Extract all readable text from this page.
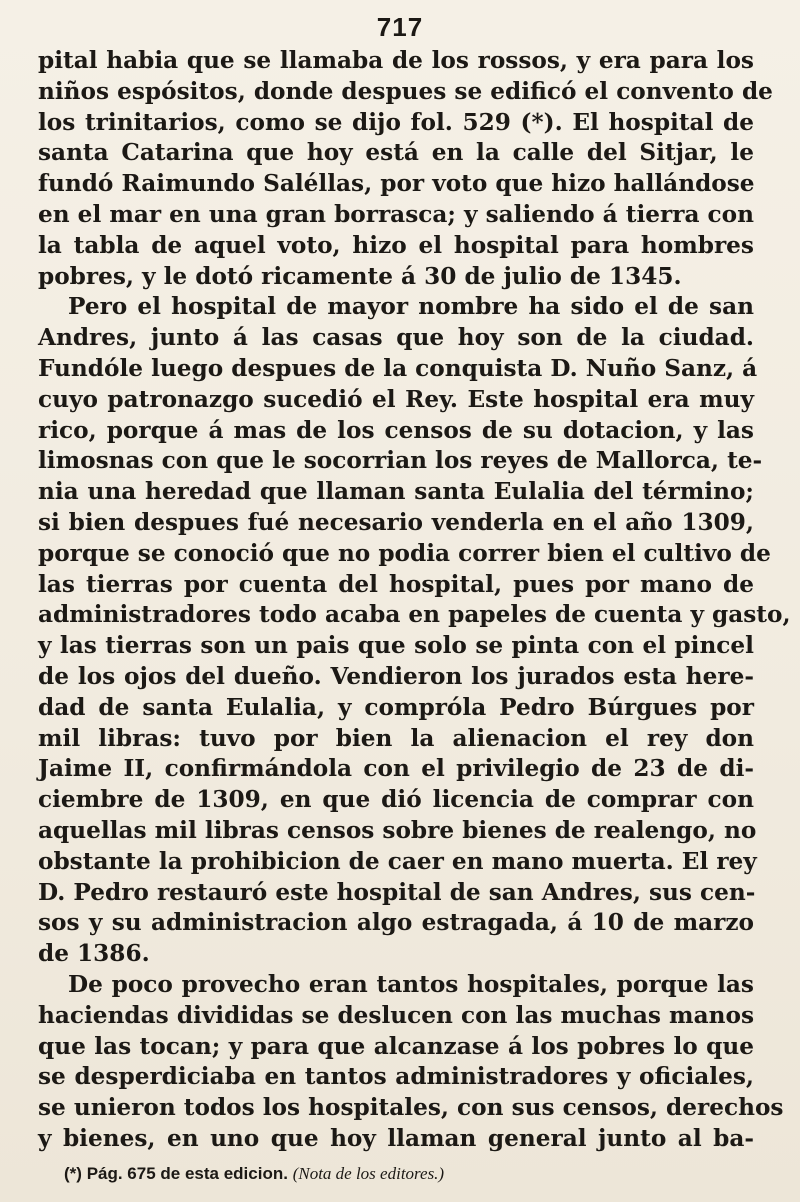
717
pital habia que se llamaba de los rossos, y era para los
niños espósitos, donde despues se edificó el convento de
los trinitarios, como se dijo fol. 529 (*). El hospital de
santa Catarina que hoy está en la calle del Sitjar, le
fundó Raimundo Saléllas, por voto que hizo hallándose
en el mar en una gran borrasca; y saliendo á tierra con
la tabla de aquel voto, hizo el hospital para hombres
pobres, y le dotó ricamente á 30 de julio de 1345.
Pero el hospital de mayor nombre ha sido el de san
Andres, junto á las casas que hoy son de la ciudad.
Fundóle luego despues de la conquista D. Nuño Sanz, á
cuyo patronazgo sucedió el Rey. Este hospital era muy
rico, porque á mas de los censos de su dotacion, y las
limosnas con que le socorrian los reyes de Mallorca, te-
nia una heredad que llaman santa Eulalia del término;
si bien despues fué necesario venderla en el año 1309,
porque se conoció que no podia correr bien el cultivo de
las tierras por cuenta del hospital, pues por mano de
administradores todo acaba en papeles de cuenta y gasto,
y las tierras son un pais que solo se pinta con el pincel
de los ojos del dueño. Vendieron los jurados esta here-
dad de santa Eulalia, y compróla Pedro Búrgues por
mil libras: tuvo por bien la alienacion el rey don
Jaime II, confirmándola con el privilegio de 23 de di-
ciembre de 1309, en que dió licencia de comprar con
aquellas mil libras censos sobre bienes de realengo, no
obstante la prohibicion de caer en mano muerta. El rey
D. Pedro restauró este hospital de san Andres, sus cen-
sos y su administracion algo estragada, á 10 de marzo
de 1386.
De poco provecho eran tantos hospitales, porque las
haciendas divididas se deslucen con las muchas manos
que las tocan; y para que alcanzase á los pobres lo que
se desperdiciaba en tantos administradores y oficiales,
se unieron todos los hospitales, con sus censos, derechos
y bienes, en uno que hoy llaman general junto al ba-
(*) Pág. 675 de esta edicion. (Nota de los editores.)
